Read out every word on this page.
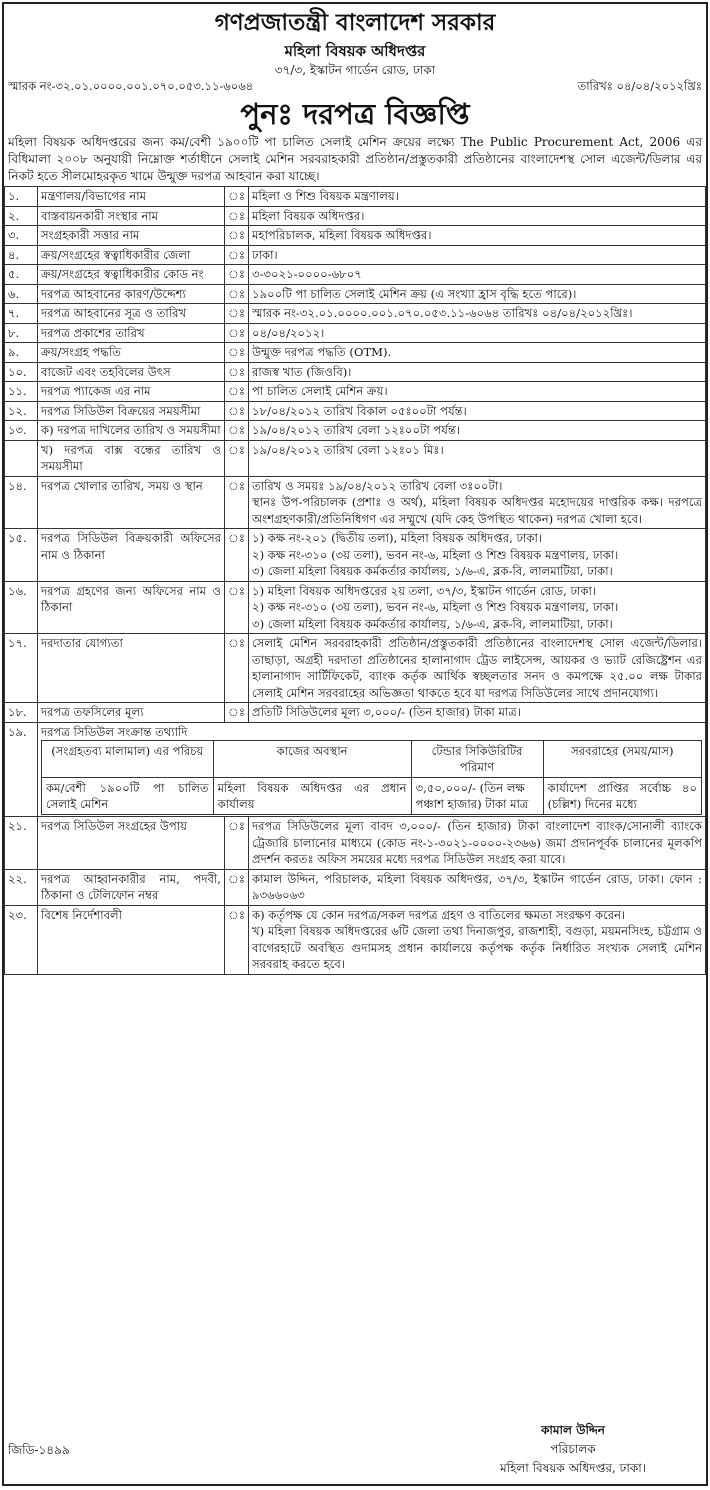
গণপ্রজাতন্ত্রী বাংলাদেশ সরকার
মহিলা বিষয়ক অধিদপ্তর
৩৭/৩, ইস্কাটন গার্ডেন রোড, ঢাকা
স্মারক নং-৩২.০১.০০০০.০০১.০৭০.০৫৩.১১-৬০৬৪	তারিখঃ ০৪/০৪/২০১২খ্রিঃ
পুনঃ দরপত্র বিজ্ঞপ্তি
মহিলা বিষয়ক অধিদপ্তরের জন্য কম/বেশী ১৯০০টি পা চালিত সেলাই মেশিন ক্রয়ের লক্ষ্যে The Public Procurement Act, 2006 এর বিধিমালা ২০০৮ অনুযায়ী নিম্নোক্ত শর্তাধীনে সেলাই মেশিন সরবরাহকারী প্রতিষ্ঠান/প্রস্তুতকারী প্রতিষ্ঠানের বাংলাদেশস্থ সোল এজেন্ট/ডিলার এর নিকট হতে সীলমোহরকৃত খামে উন্মুক্ত দরপত্র আহবান করা যাচ্ছে।
১.	মন্ত্রণালয়/বিভাগের নাম	ঃ	মহিলা ও শিশু বিষয়ক মন্ত্রণালয়।

২.	বাস্তবায়নকারী সংস্থার নাম	ঃ	মহিলা বিষয়ক অধিদপ্তর।

৩.	সংগ্রহকারী সত্তার নাম	ঃ	মহাপরিচালক, মহিলা বিষয়ক অধিদপ্তর।

৪.	ক্রয়/সংগ্রহের স্বত্বাধিকারীর জেলা	ঃ	ঢাকা।

৫.	ক্রয়/সংগ্রহের স্বত্বাধিকারীর কোড নং	ঃ	৩-৩০২১-০০০০-৬৮০৭

৬.	দরপত্র আহবানের কারণ/উদ্দেশ্য	ঃ	১৯০০টি পা চালিত সেলাই মেশিন ক্রয় (এ সংখ্যা হ্রাস বৃদ্ধি হতে পারে)।

৭.	দরপত্র আহবানের সূত্র ও তারিখ	ঃ	স্মারক নং-৩২.০১.০০০০.০০১.০৭০.০৫৩.১১-৬০৬৪ তারিখঃ ০৪/০৪/২০১২খ্রিঃ।

৮.	দরপত্র প্রকাশের তারিখ	ঃ	০৪/০৪/২০১২।

৯.	ক্রয়/সংগ্রহ পদ্ধতি	ঃ	উন্মুক্ত দরপত্র পদ্ধতি (OTM).

১০.	বাজেট এবং তহবিলের উৎস	ঃ	রাজস্ব খাত (জিওবি)।

১১.	দরপত্র প্যাকেজ এর নাম	ঃ	পা চালিত সেলাই মেশিন ক্রয়।

১২.	দরপত্র সিডিউল বিক্রয়ের সময়সীমা	ঃ	১৮/০৪/২০১২ তারিখ বিকাল ০৫ঃ০০টা পর্যন্ত।

১৩.	ক) দরপত্র দাখিলের তারিখ ও সময়সীমা	ঃ	১৯/০৪/২০১২ তারিখ বেলা ১২ঃ০০টা পর্যন্ত।

	খ) দরপত্র বাক্স বন্ধের তারিখ ও সময়সীমা	ঃ	১৯/০৪/২০১২ তারিখ বেলা ১২ঃ০১ মিঃ।

১৪.	দরপত্র খোলার তারিখ, সময় ও স্থান	ঃ	তারিখ ও সময়ঃ ১৯/০৪/২০১২ তারিখ বেলা ৩ঃ০০টা।
স্থানঃ উপ-পরিচালক (প্রশাঃ ও অর্থ), মহিলা বিষয়ক অধিদপ্তর মহোদয়ের দাপ্তরিক কক্ষ। দরপত্রে অংশগ্রহণকারী/প্রতিনিধিগণ এর সম্মুখে (যদি কেহ উপস্থিত থাকেন) দরপত্র খোলা হবে।

১৫.	দরপত্র সিডিউল বিক্রয়কারী অফিসের নাম ও ঠিকানা	ঃ	১) কক্ষ নং-২০১ (দ্বিতীয় তলা), মহিলা বিষয়ক অধিদপ্তর, ঢাকা।
২) কক্ষ নং-৩১০ (৩য় তলা), ভবন নং-৬, মহিলা ও শিশু বিষয়ক মন্ত্রণালয়, ঢাকা।
৩) জেলা মহিলা বিষয়ক কর্মকর্তার কার্যালয়, ১/৬-এ, ব্লক-বি, লালমাটিয়া, ঢাকা।

১৬.	দরপত্র গ্রহণের জন্য অফিসের নাম ও ঠিকানা	ঃ	১) মহিলা বিষয়ক অধিদপ্তরের ২য় তলা, ৩৭/৩, ইস্কাটন গার্ডেন রোড, ঢাকা।
২) কক্ষ নং-৩১০ (৩য় তলা), ভবন নং-৬, মহিলা ও শিশু বিষয়ক মন্ত্রণালয়, ঢাকা।
৩) জেলা মহিলা বিষয়ক কর্মকর্তার কার্যালয়, ১/৬-এ, ব্লক-বি, লালমাটিয়া, ঢাকা।

১৭.	দরদাতার যোগ্যতা	ঃ	সেলাই মেশিন সরবরাহকারী প্রতিষ্ঠান/প্রস্তুতকারী প্রতিষ্ঠানের বাংলাদেশস্থ সোল এজেন্ট/ডিলার। তাছাড়া, অগ্রহী দরদাতা প্রতিষ্ঠানের হালানাগাদ ট্রেড লাইসেন্স, আয়কর ও ভ্যাট রেজিষ্ট্রেশন এর হালানাগাদ সার্টিফিকেট, ব্যাংক কর্তৃক আর্থিক স্বচ্ছলতার সনদ ও কমপক্ষে ২৫.০০ লক্ষ টাকার সেলাই মেশিন সরবরাহের অভিজ্ঞতা থাকতে হবে যা দরপত্র সিডিউলের সাথে প্রদানযোগ্য।

১৮.	দরপত্র তফসিলের মূল্য	ঃ	প্রতিটি সিডিউলের মূল্য ৩,০০০/- (তিন হাজার) টাকা মাত্র।

১৯.	দরপত্র সিডিউল সংক্রান্ত তথ্যাদি
(সংগ্রহতব্য মালামাল) এর পরিচয়	কাজের অবস্থান	টেন্ডার সিকিউরিটির পরিমাণ	সরবরাহের (সময়/মাস)
কম/বেশী ১৯০০টি পা চালিত সেলাই মেশিন	মহিলা বিষয়ক অধিদপ্তর এর প্রধান কার্যালয়	৩,৫০,০০০/- (তিন লক্ষ পঞ্চাশ হাজার) টাকা মাত্র	কার্যাদেশ প্রাপ্তির সর্বোচ্চ ৪০ (চল্লিশ) দিনের মধ্যে

২১.	দরপত্র সিডিউল সংগ্রহের উপায়	ঃ	দরপত্র সিডিউলের মূল্য বাবদ ৩,০০০/- (তিন হাজার) টাকা বাংলাদেশ ব্যাংক/সোনালী ব্যাংকে ট্রেজারি চালানোর মাধ্যমে (কোড নং-১-৩০২১-০০০০-২৩৬৬) জমা প্রদানপূর্বক চালানের মূলকপি প্রদর্শন করতঃ অফিস সময়ের মধ্যে দরপত্র সিডিউল সংগ্রহ করা যাবে।

২২.	দরপত্র আহ্বানকারীর নাম, পদবী, ঠিকানা ও টেলিফোন নম্বর	ঃ	কামাল উদ্দিন, পরিচালক, মহিলা বিষয়ক অধিদপ্তর, ৩৭/৩, ইস্কাটন গার্ডেন রোড, ঢাকা। ফোন : ৯৩৬৬০৬৩

২৩.	বিশেষ নির্দেশাবলী	ঃ	ক) কর্তৃপক্ষ যে কোন দরপত্র/সকল দরপত্র গ্রহণ ও বাতিলের ক্ষমতা সংরক্ষণ করেন।
খ) মহিলা বিষয়ক অধিদপ্তরের ৬টি জেলা তথা দিনাজপুর, রাজশাহী, বগুড়া, ময়মনসিংহ, চট্টগ্রাম ও বাগেরহাটে অবস্থিত গুদামসহ প্রধান কার্যালয়ে কর্তৃপক্ষ কর্তৃক নির্ধারিত সংখ্যক সেলাই মেশিন সরবরাহ করতে হবে।
জিডি-১৪৯৯
কামাল উদ্দিন
পরিচালক
মহিলা বিষয়ক অধিদপ্তর, ঢাকা।
